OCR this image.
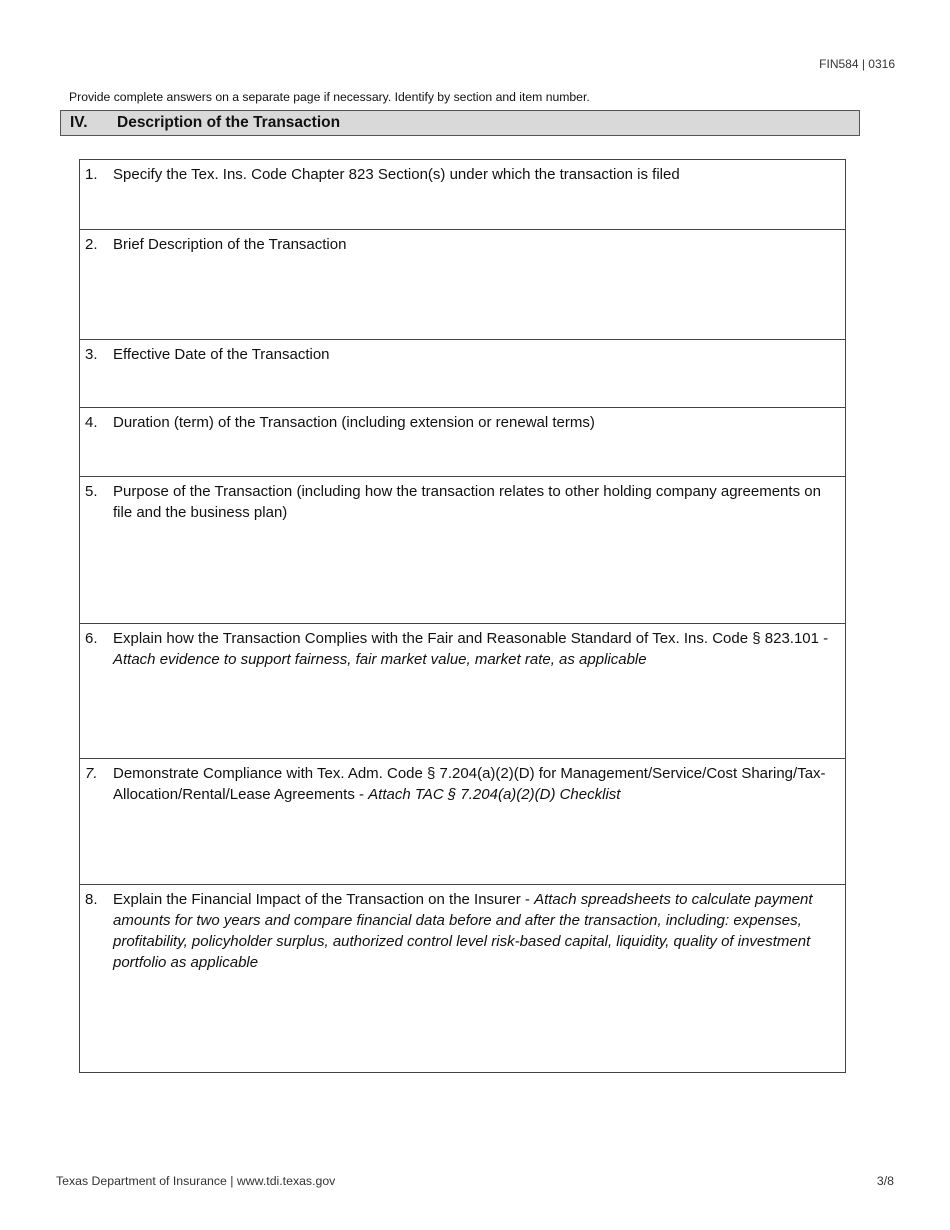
FIN584 | 0316
Provide complete answers on a separate page if necessary. Identify by section and item number.
IV.	Description of the Transaction
1.	Specify the Tex. Ins. Code Chapter 823 Section(s) under which the transaction is filed
2.	Brief Description of the Transaction
3.	Effective Date of the Transaction
4.	Duration (term) of the Transaction (including extension or renewal terms)
5.	Purpose of the Transaction (including how the transaction relates to other holding company agreements on file and the business plan)
6.	Explain how the Transaction Complies with the Fair and Reasonable Standard of Tex. Ins. Code § 823.101 - Attach evidence to support fairness, fair market value, market rate, as applicable
7.	Demonstrate Compliance with Tex. Adm. Code § 7.204(a)(2)(D) for Management/Service/Cost Sharing/Tax-Allocation/Rental/Lease Agreements - Attach TAC § 7.204(a)(2)(D) Checklist
8.	Explain the Financial Impact of the Transaction on the Insurer - Attach spreadsheets to calculate payment amounts for two years and compare financial data before and after the transaction, including: expenses, profitability, policyholder surplus, authorized control level risk-based capital, liquidity, quality of investment portfolio as applicable
Texas Department of Insurance | www.tdi.texas.gov	3/8
